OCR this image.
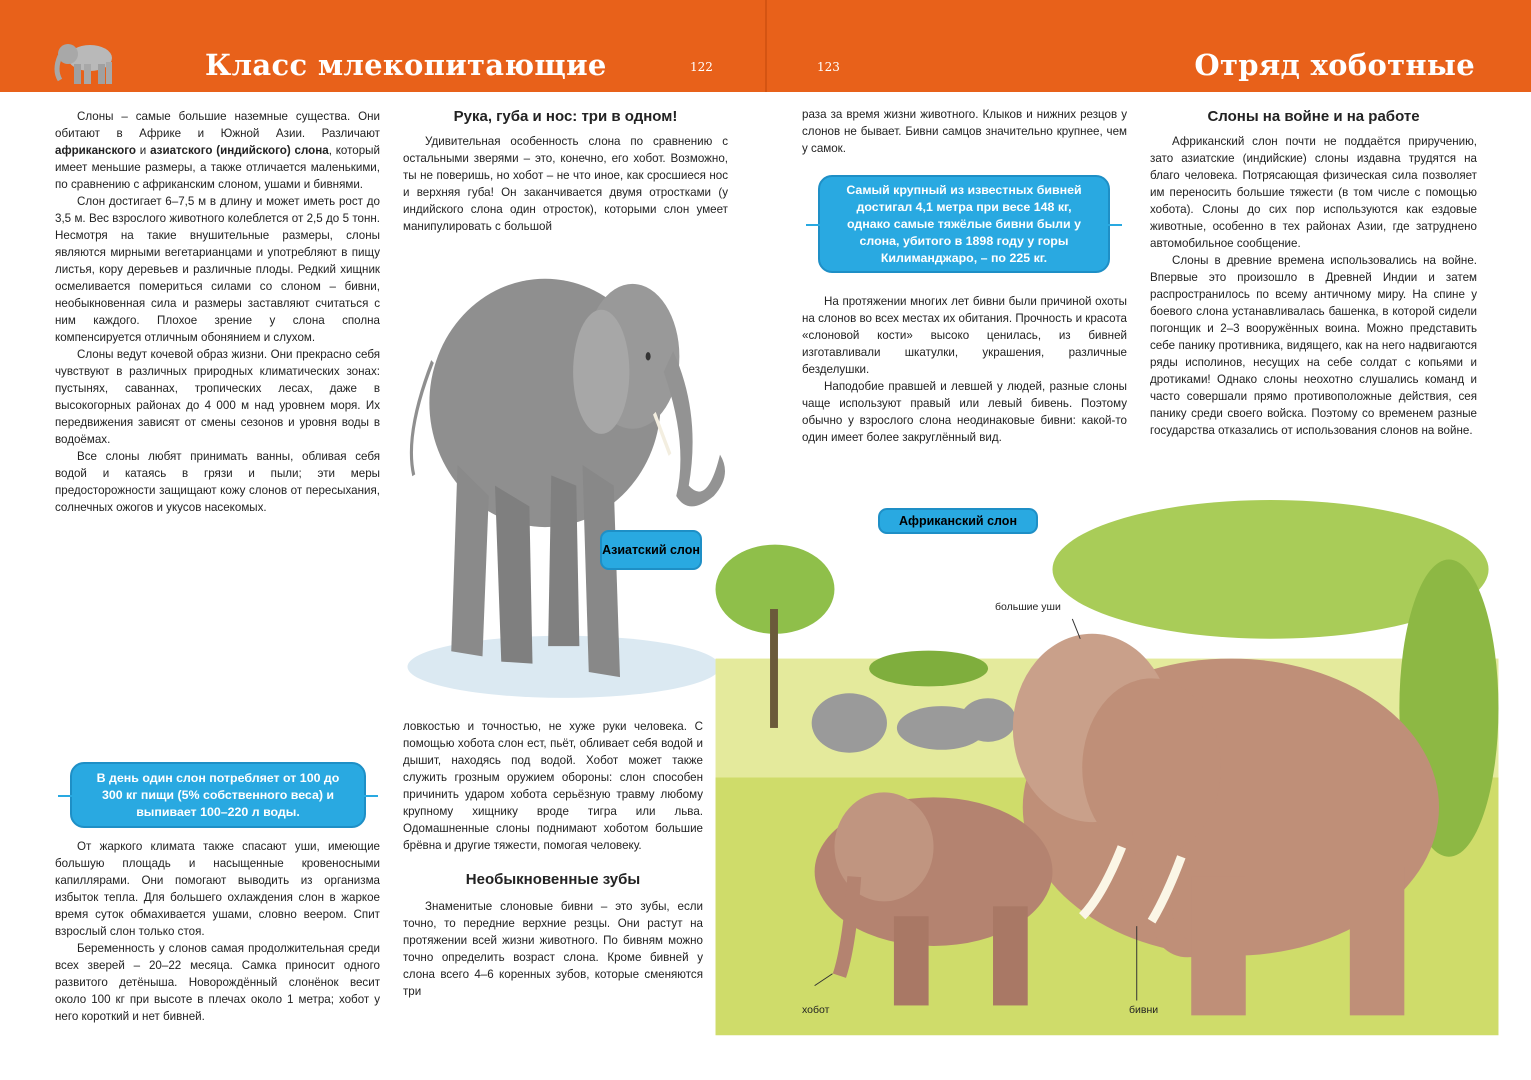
Класс млекопитающие	122	123	Отряд хоботные
Азиатский слон

Слоны – самые большие наземные существа. Они обитают в Африке и Южной Азии. Различают африканского и азиатского (индийского) слона, который имеет меньшие размеры, а также отличается маленькими, по сравнению с африканским слоном, ушами и бивнями.

Слон достигает 6–7,5 м в длину и может иметь рост до 3,5 м. Вес взрослого животного колеблется от 2,5 до 5 тонн. Несмотря на такие внушительные размеры, слоны являются мирными вегетарианцами и употребляют в пищу листья, кору деревьев и различные плоды. Редкий хищник осмеливается помериться силами со слоном – бивни, необыкновенная сила и размеры заставляют считаться с ним каждого. Плохое зрение у слона сполна компенсируется отличным обонянием и слухом.

Слоны ведут кочевой образ жизни. Они прекрасно себя чувствуют в различных природных климатических зонах: пустынях, саваннах, тропических лесах, даже в высокогорных районах до 4 000 м над уровнем моря. Их передвижения зависят от смены сезонов и уровня воды в водоёмах.

Все слоны любят принимать ванны, обливая себя водой и катаясь в грязи и пыли; эти меры предосторожности защищают кожу слонов от пересыхания, солнечных ожогов и укусов насекомых.

В день один слон потребляет от 100 до 300 кг пищи (5% собственного веса) и выпивает 100–220 л воды.

От жаркого климата также спасают уши, имеющие большую площадь и насыщенные кровеносными капиллярами. Они помогают выводить из организма избыток тепла. Для большего охлаждения слон в жаркое время суток обмахивается ушами, словно веером. Спит взрослый слон только стоя.

Беременность у слонов самая продолжительная среди всех зверей – 20–22 месяца. Самка приносит одного развитого детёныша. Новорождённый слонёнок весит около 100 кг при высоте в плечах около 1 метра; хобот у него короткий и нет бивней.

Рука, губа и нос: три в одном!

Удивительная особенность слона по сравнению с остальными зверями – это, конечно, его хобот. Возможно, ты не поверишь, но хобот – не что иное, как сросшиеся нос и верхняя губа! Он заканчивается двумя отростками (у индийского слона один отросток), которыми слон умеет манипулировать с большой

ловкостью и точностью, не хуже руки человека. С помощью хобота слон ест, пьёт, обливает себя водой и дышит, находясь под водой. Хобот может также служить грозным оружием обороны: слон способен причинить ударом хобота серьёзную травму любому крупному хищнику вроде тигра или льва. Одомашненные слоны поднимают хоботом большие брёвна и другие тяжести, помогая человеку.

Необыкновенные зубы

Знаменитые слоновые бивни – это зубы, если точно, то передние верхние резцы. Они растут на протяжении всей жизни животного. По бивням можно точно определить возраст слона. Кроме бивней у слона всего 4–6 коренных зубов, которые сменяются три

раза за время жизни животного. Клыков и нижних резцов у слонов не бывает. Бивни самцов значительно крупнее, чем у самок.

Самый крупный из известных бивней достигал 4,1 метра при весе 148 кг, однако самые тяжёлые бивни были у слона, убитого в 1898 году у горы Килиманджаро, – по 225 кг.

На протяжении многих лет бивни были причиной охоты на слонов во всех местах их обитания. Прочность и красота «слоновой кости» высоко ценилась, из бивней изготавливали шкатулки, украшения, различные безделушки.

Наподобие правшей и левшей у людей, разные слоны чаще используют правый или левый бивень. Поэтому обычно у взрослого слона неодинаковые бивни: какой-то один имеет более закруглённый вид.

Слоны на войне и на работе

Африканский слон почти не поддаётся приручению, зато азиатские (индийские) слоны издавна трудятся на благо человека. Потрясающая физическая сила позволяет им переносить большие тяжести (в том числе с помощью хобота). Слоны до сих пор используются как ездовые животные, особенно в тех районах Азии, где затруднено автомобильное сообщение.

Слоны в древние времена использовались на войне. Впервые это произошло в Древней Индии и затем распространилось по всему античному миру. На спине у боевого слона устанавливалась башенка, в которой сидели погонщик и 2–3 вооружённых воина. Можно представить себе панику противника, видящего, как на него надвигаются ряды исполинов, несущих на себе солдат с копьями и дротиками! Однако слоны неохотно слушались команд и часто совершали прямо противоположные действия, сея панику среди своего войска. Поэтому со временем разные государства отказались от использования слонов на войне.

Африканский слон
большие уши
хобот	бивни
